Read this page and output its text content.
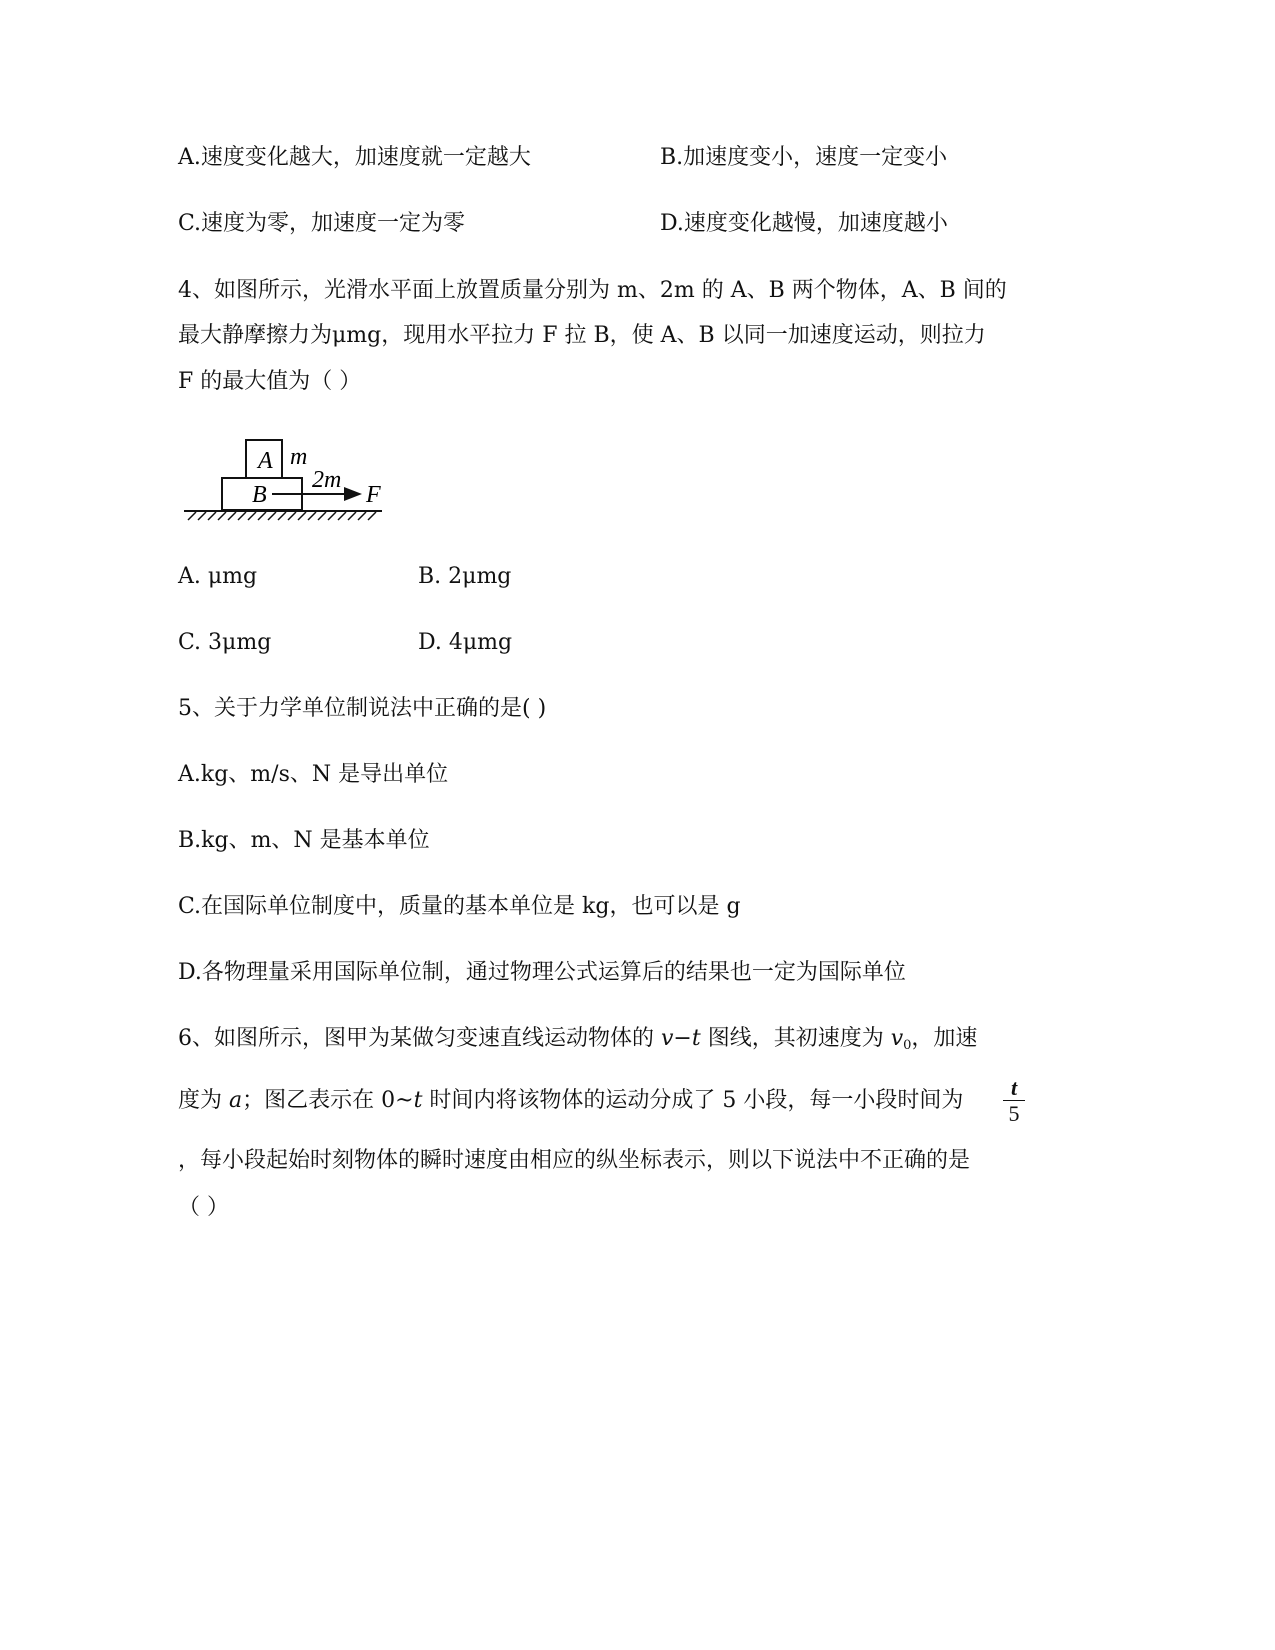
A.速度变化越大，加速度就一定越大	B.加速度变小，速度一定变小
C.速度为零，加速度一定为零	D.速度变化越慢，加速度越小
4、如图所示，光滑水平面上放置质量分别为 m、2m 的 A、B 两个物体，A、B 间的
最大静摩擦力为μmg，现用水平拉力 F 拉 B，使 A、B 以同一加速度运动，则拉力
F 的最大值为（ ）
A m
B
2m
F
A. μmg	B. 2μmg
C. 3μmg	D. 4μmg
5、关于力学单位制说法中正确的是( )
A.kg、m/s、N 是导出单位
B.kg、m、N 是基本单位
C.在国际单位制度中，质量的基本单位是 kg，也可以是 g
D.各物理量采用国际单位制，通过物理公式运算后的结果也一定为国际单位
6、如图所示，图甲为某做匀变速直线运动物体的 v−t 图线，其初速度为 $v_0$，加速
度为 a；图乙表示在 0~t 时间内将该物体的运动分成了 5 小段，每一小段时间为 $\frac{t}{5}$
，每小段起始时刻物体的瞬时速度由相应的纵坐标表示，则以下说法中不正确的是
（ ）
